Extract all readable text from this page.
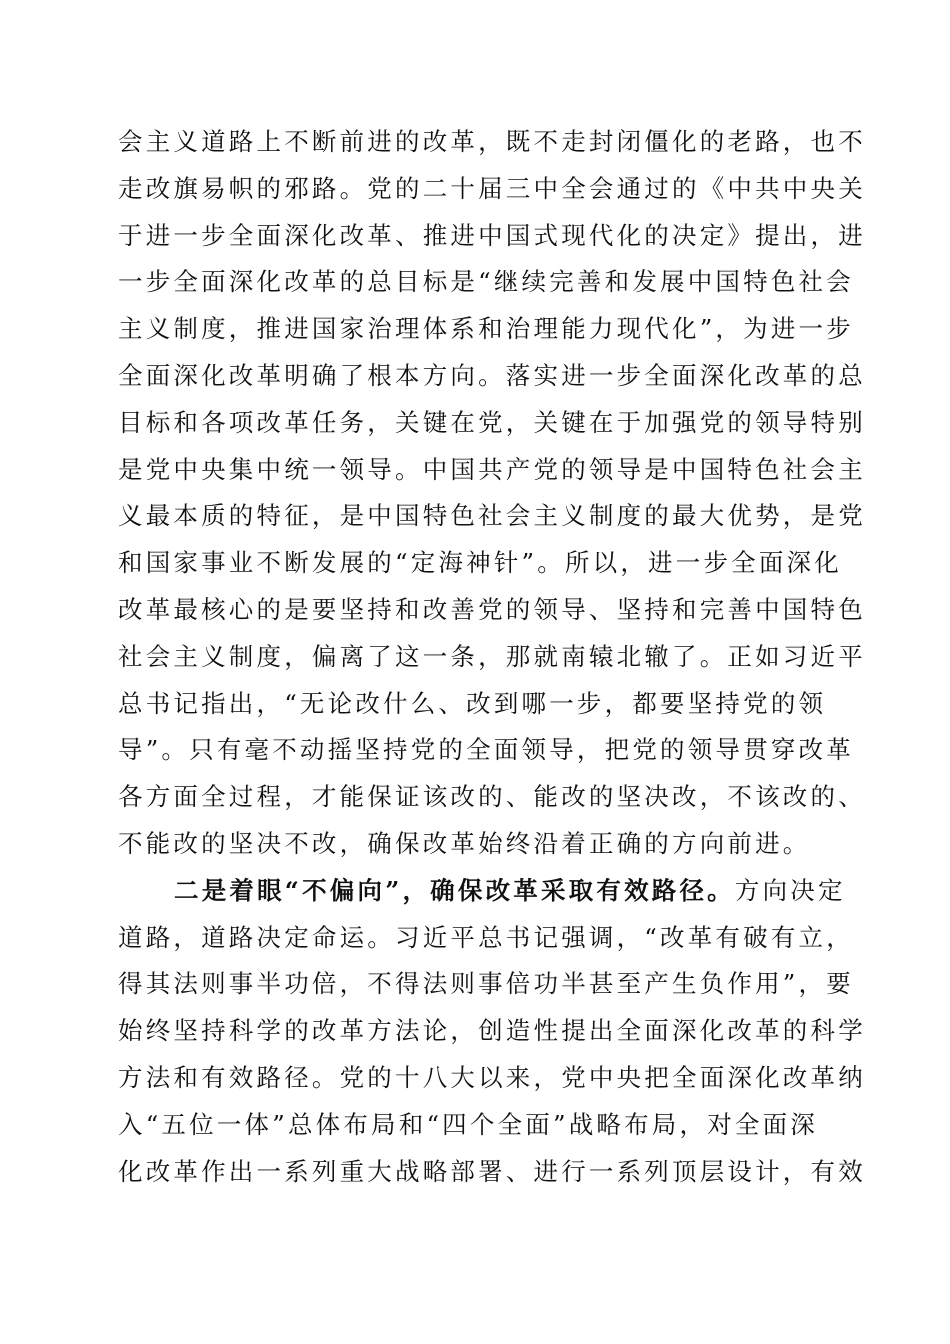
会主义道路上不断前进的改革，既不走封闭僵化的老路，也不
走改旗易帜的邪路。党的二十届三中全会通过的《中共中央关
于进一步全面深化改革、推进中国式现代化的决定》提出，进
一步全面深化改革的总目标是“继续完善和发展中国特色社会
主义制度，推进国家治理体系和治理能力现代化”，为进一步
全面深化改革明确了根本方向。落实进一步全面深化改革的总
目标和各项改革任务，关键在党，关键在于加强党的领导特别
是党中央集中统一领导。中国共产党的领导是中国特色社会主
义最本质的特征，是中国特色社会主义制度的最大优势，是党
和国家事业不断发展的“定海神针”。所以，进一步全面深化
改革最核心的是要坚持和改善党的领导、坚持和完善中国特色
社会主义制度，偏离了这一条，那就南辕北辙了。正如习近平
总书记指出，“无论改什么、改到哪一步，都要坚持党的领
导”。只有毫不动摇坚持党的全面领导，把党的领导贯穿改革
各方面全过程，才能保证该改的、能改的坚决改，不该改的、
不能改的坚决不改，确保改革始终沿着正确的方向前进。
二是着眼“不偏向”，确保改革采取有效路径。方向决定
道路，道路决定命运。习近平总书记强调，“改革有破有立，
得其法则事半功倍，不得法则事倍功半甚至产生负作用”，要
始终坚持科学的改革方法论，创造性提出全面深化改革的科学
方法和有效路径。党的十八大以来，党中央把全面深化改革纳
入“五位一体”总体布局和“四个全面”战略布局，对全面深
化改革作出一系列重大战略部署、进行一系列顶层设计，有效
